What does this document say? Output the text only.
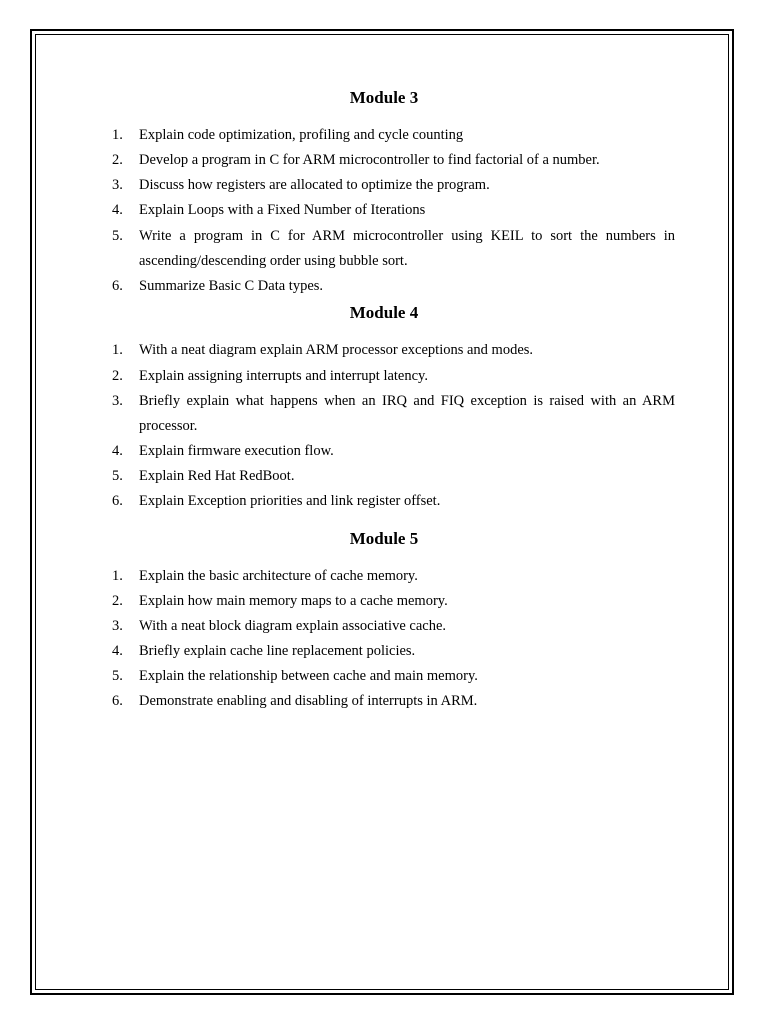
Module 3
1.	Explain code optimization, profiling and cycle counting
2.	Develop a program in C for ARM microcontroller to find factorial of a number.
3.	Discuss how registers are allocated to optimize the program.
4.	Explain Loops with a Fixed Number of Iterations
5.	Write a program in C for ARM microcontroller using KEIL to sort the numbers in ascending/descending order using bubble sort.
6.	Summarize Basic C Data types.
Module 4
1.	With a neat diagram explain ARM processor exceptions and modes.
2.	Explain assigning interrupts and interrupt latency.
3.	Briefly explain what happens when an IRQ and FIQ exception is raised with an ARM processor.
4.	Explain firmware execution flow.
5.	Explain Red Hat RedBoot.
6.	Explain Exception priorities and link register offset.
Module 5
1.	Explain the basic architecture of cache memory.
2.	Explain how main memory maps to a cache memory.
3.	With a neat block diagram explain associative cache.
4.	Briefly explain cache line replacement policies.
5.	Explain the relationship between cache and main memory.
6.	Demonstrate enabling and disabling of interrupts in ARM.
